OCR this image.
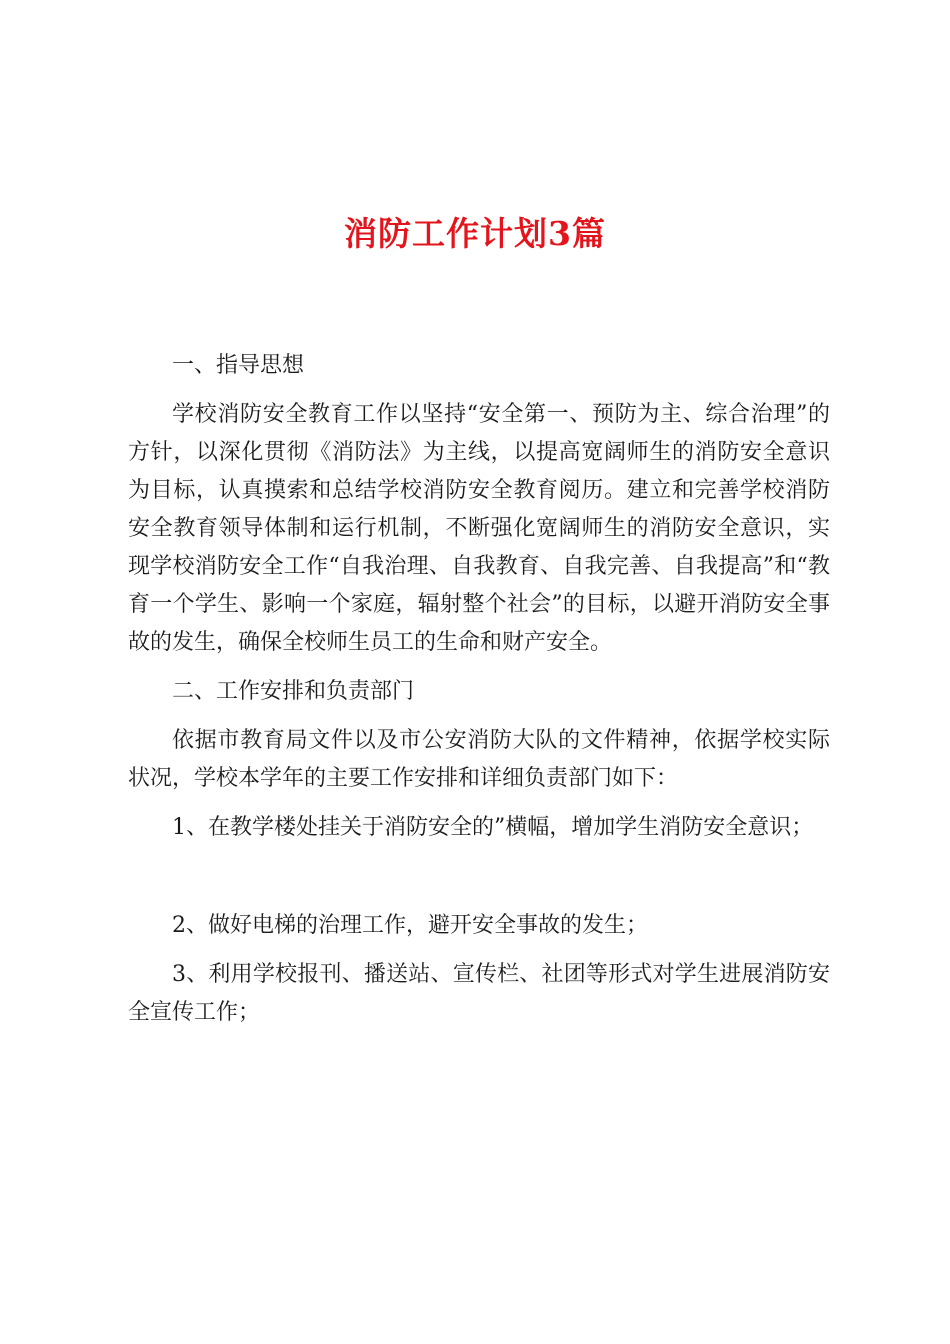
消防工作计划3篇

一、指导思想

学校消防安全教育工作以坚持“安全第一、预防为主、综合治理”的方针，以深化贯彻《消防法》为主线，以提高宽阔师生的消防安全意识为目标，认真摸索和总结学校消防安全教育阅历。建立和完善学校消防安全教育领导体制和运行机制，不断强化宽阔师生的消防安全意识，实现学校消防安全工作“自我治理、自我教育、自我完善、自我提高”和“教育一个学生、影响一个家庭，辐射整个社会”的目标，以避开消防安全事故的发生，确保全校师生员工的生命和财产安全。

二、工作安排和负责部门

依据市教育局文件以及市公安消防大队的文件精神，依据学校实际状况，学校本学年的主要工作安排和详细负责部门如下：

1、在教学楼处挂关于消防安全的”横幅，增加学生消防安全意识；

2、做好电梯的治理工作，避开安全事故的发生；

3、利用学校报刊、播送站、宣传栏、社团等形式对学生进展消防安全宣传工作；
